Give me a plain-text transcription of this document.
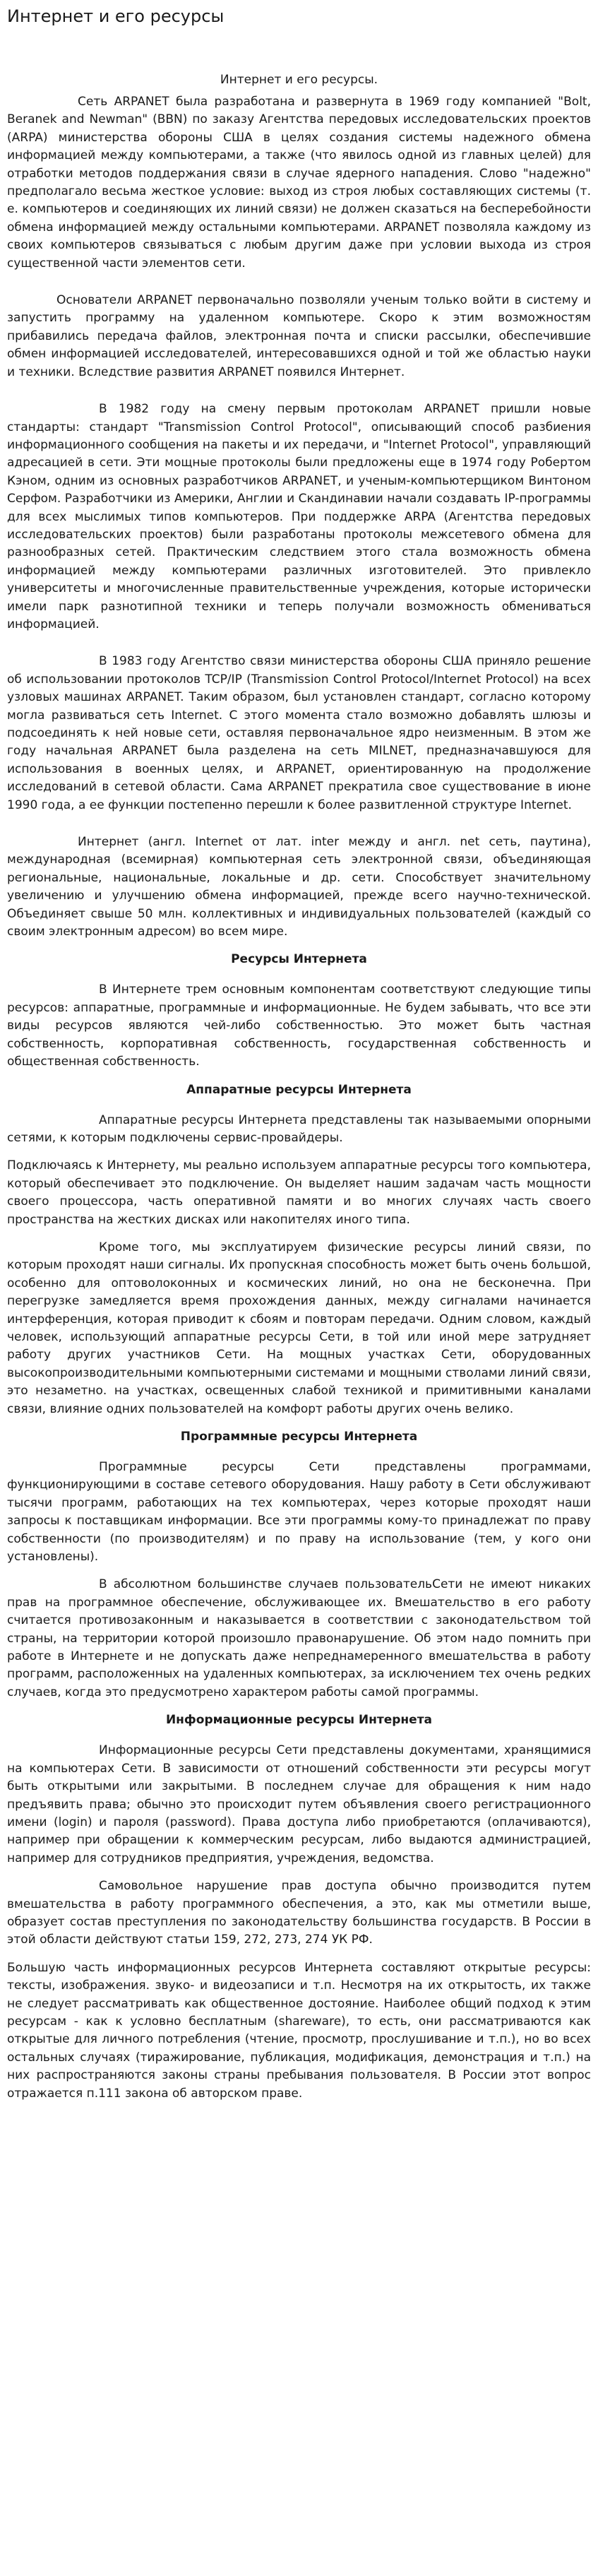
Интернет и его ресурсы
Интернет и его ресурсы.

Сеть ARPANET была разработана и развернута в 1969 году компанией "Bolt, Beranek and Newman" (BBN) по заказу Агентства передовых исследовательских проектов (ARPA) министерства обороны США в целях создания системы надежного обмена информацией между компьютерами, а также (что явилось одной из главных целей) для отработки методов поддержания связи в случае ядерного нападения. Слово "надежно" предполагало весьма жесткое условие: выход из строя любых составляющих системы (т. е. компьютеров и соединяющих их линий связи) не должен сказаться на бесперебойности обмена информацией между остальными компьютерами. ARPANET позволяла каждому из своих компьютеров связываться с любым другим даже при условии выхода из строя существенной части элементов сети.

Основатели ARPANET первоначально позволяли ученым только войти в систему и запустить программу на удаленном компьютере. Скоро к этим возможностям прибавились передача файлов, электронная почта и списки рассылки, обеспечившие обмен информацией исследователей, интересовавшихся одной и той же областью науки и техники. Вследствие развития ARPANET появился Интернет.

В 1982 году на смену первым протоколам ARPANET пришли новые стандарты: стандарт "Transmission Control Protocol", описывающий способ разбиения информационного сообщения на пакеты и их передачи, и "Internet Protocol", управляющий адресацией в сети. Эти мощные протоколы были предложены еще в 1974 году Робертом Кэном, одним из основных разработчиков ARPANET, и ученым-компьютерщиком Винтоном Серфом. Разработчики из Америки, Англии и Скандинавии начали создавать IP-программы для всех мыслимых типов компьютеров. При поддержке ARPA (Агентства передовых исследовательских проектов) были разработаны протоколы межсетевого обмена для разнообразных сетей. Практическим следствием этого стала возможность обмена информацией между компьютерами различных изготовителей. Это привлекло университеты и многочисленные правительственные учреждения, которые исторически имели парк разнотипной техники и теперь получали возможность обмениваться информацией.

В 1983 году Агентство связи министерства обороны США приняло решение об использовании протоколов TCP/IP (Transmission Control Protocol/Internet Protocol) на всех узловых машинах ARPANET. Таким образом, был установлен стандарт, согласно которому могла развиваться сеть Internet. С этого момента стало возможно добавлять шлюзы и подсоединять к ней новые сети, оставляя первоначальное ядро неизменным. В этом же году начальная ARPANET была разделена на сеть MILNET, предназначавшуюся для использования в военных целях, и ARPANET, ориентированную на продолжение исследований в сетевой области. Сама ARPANET прекратила свое существование в июне 1990 года, а ее функции постепенно перешли к более развитленной структуре Internet.

Интернет (англ. Internet от лат. inter между и англ. net сеть, паутина), международная (всемирная) компьютерная сеть электронной связи, объединяющая региональные, национальные, локальные и др. сети. Способствует значительному увеличению и улучшению обмена информацией, прежде всего научно-технической. Объединяет свыше 50 млн. коллективных и индивидуальных пользователей (каждый со своим электронным адресом) во всем мире.

Ресурсы Интернета

В Интернете трем основным компонентам соответствуют следующие типы ресурсов: аппаратные, программные и информационные. Не будем забывать, что все эти виды ресурсов являются чей-либо собственностью. Это может быть частная собственность, корпоративная собственность, государственная собственность и общественная собственность.

Аппаратные ресурсы Интернета

Аппаратные ресурсы Интернета представлены так называемыми опорными сетями, к которым подключены сервис-провайдеры.

Подключаясь к Интернету, мы реально используем аппаратные ресурсы того компьютера, который обеспечивает это подключение. Он выделяет нашим задачам часть мощности своего процессора, часть оперативной памяти и во многих случаях часть своего пространства на жестких дисках или накопителях иного типа.

Кроме того, мы эксплуатируем физические ресурсы линий связи, по которым проходят наши сигналы. Их пропускная способность может быть очень большой, особенно для оптоволоконных и космических линий, но она не бесконечна. При перегрузке замедляется время прохождения данных, между сигналами начинается интерференция, которая приводит к сбоям и повторам передачи. Одним словом, каждый человек, использующий аппаратные ресурсы Сети, в той или иной мере затрудняет работу других участников Сети. На мощных участках Сети, оборудованных высокопроизводительными компьютерными системами и мощными стволами линий связи, это незаметно. на участках, освещенных слабой техникой и примитивными каналами связи, влияние одних пользователей на комфорт работы других очень велико.

Программные ресурсы Интернета

Программные ресурсы Сети представлены программами, функционирующими в составе сетевого оборудования. Нашу работу в Сети обслуживают тысячи программ, работающих на тех компьютерах, через которые проходят наши запросы к поставщикам информации. Все эти программы кому-то принадлежат по праву собственности (по производителям) и по праву на использование (тем, у кого они установлены).

В абсолютном большинстве случаев пользовательСети не имеют никаких прав на программное обеспечение, обслуживающее их. Вмешательство в его работу считается противозаконным и наказывается в соответствии с законодательством той страны, на территории которой произошло правонарушение. Об этом надо помнить при работе в Интернете и не допускать даже непреднамеренного вмешательства в работу программ, расположенных на удаленных компьютерах, за исключением тех очень редких случаев, когда это предусмотрено характером работы самой программы.

Информационные ресурсы Интернета

Информационные ресурсы Сети представлены документами, хранящимися на компьютерах Сети. В зависимости от отношений собственности эти ресурсы могут быть открытыми или закрытыми. В последнем случае для обращения к ним надо предъявить права; обычно это происходит путем объявления своего регистрационного имени (login) и пароля (password). Права доступа либо приобретаются (оплачиваются), например при обращении к коммерческим ресурсам, либо выдаются администрацией, например для сотрудников предприятия, учреждения, ведомства.

Самовольное нарушение прав доступа обычно производится путем вмешательства в работу программного обеспечения, а это, как мы отметили выше, образует состав преступления по законодательству большинства государств. В России в этой области действуют статьи 159, 272, 273, 274 УК РФ.

Большую часть информационных ресурсов Интернета составляют открытые ресурсы: тексты, изображения. звуко- и видеозаписи и т.п. Несмотря на их открытость, их также не следует рассматривать как общественное достояние. Наиболее общий подход к этим ресурсам - как к условно бесплатным (shareware), то есть, они рассматриваются как открытые для личного потребления (чтение, просмотр, прослушивание и т.п.), но во всех остальных случаях (тиражирование, публикация, модификация, демонстрация и т.п.) на них распространяются законы страны пребывания пользователя. В России этот вопрос отражается п.111 закона об авторском праве.
